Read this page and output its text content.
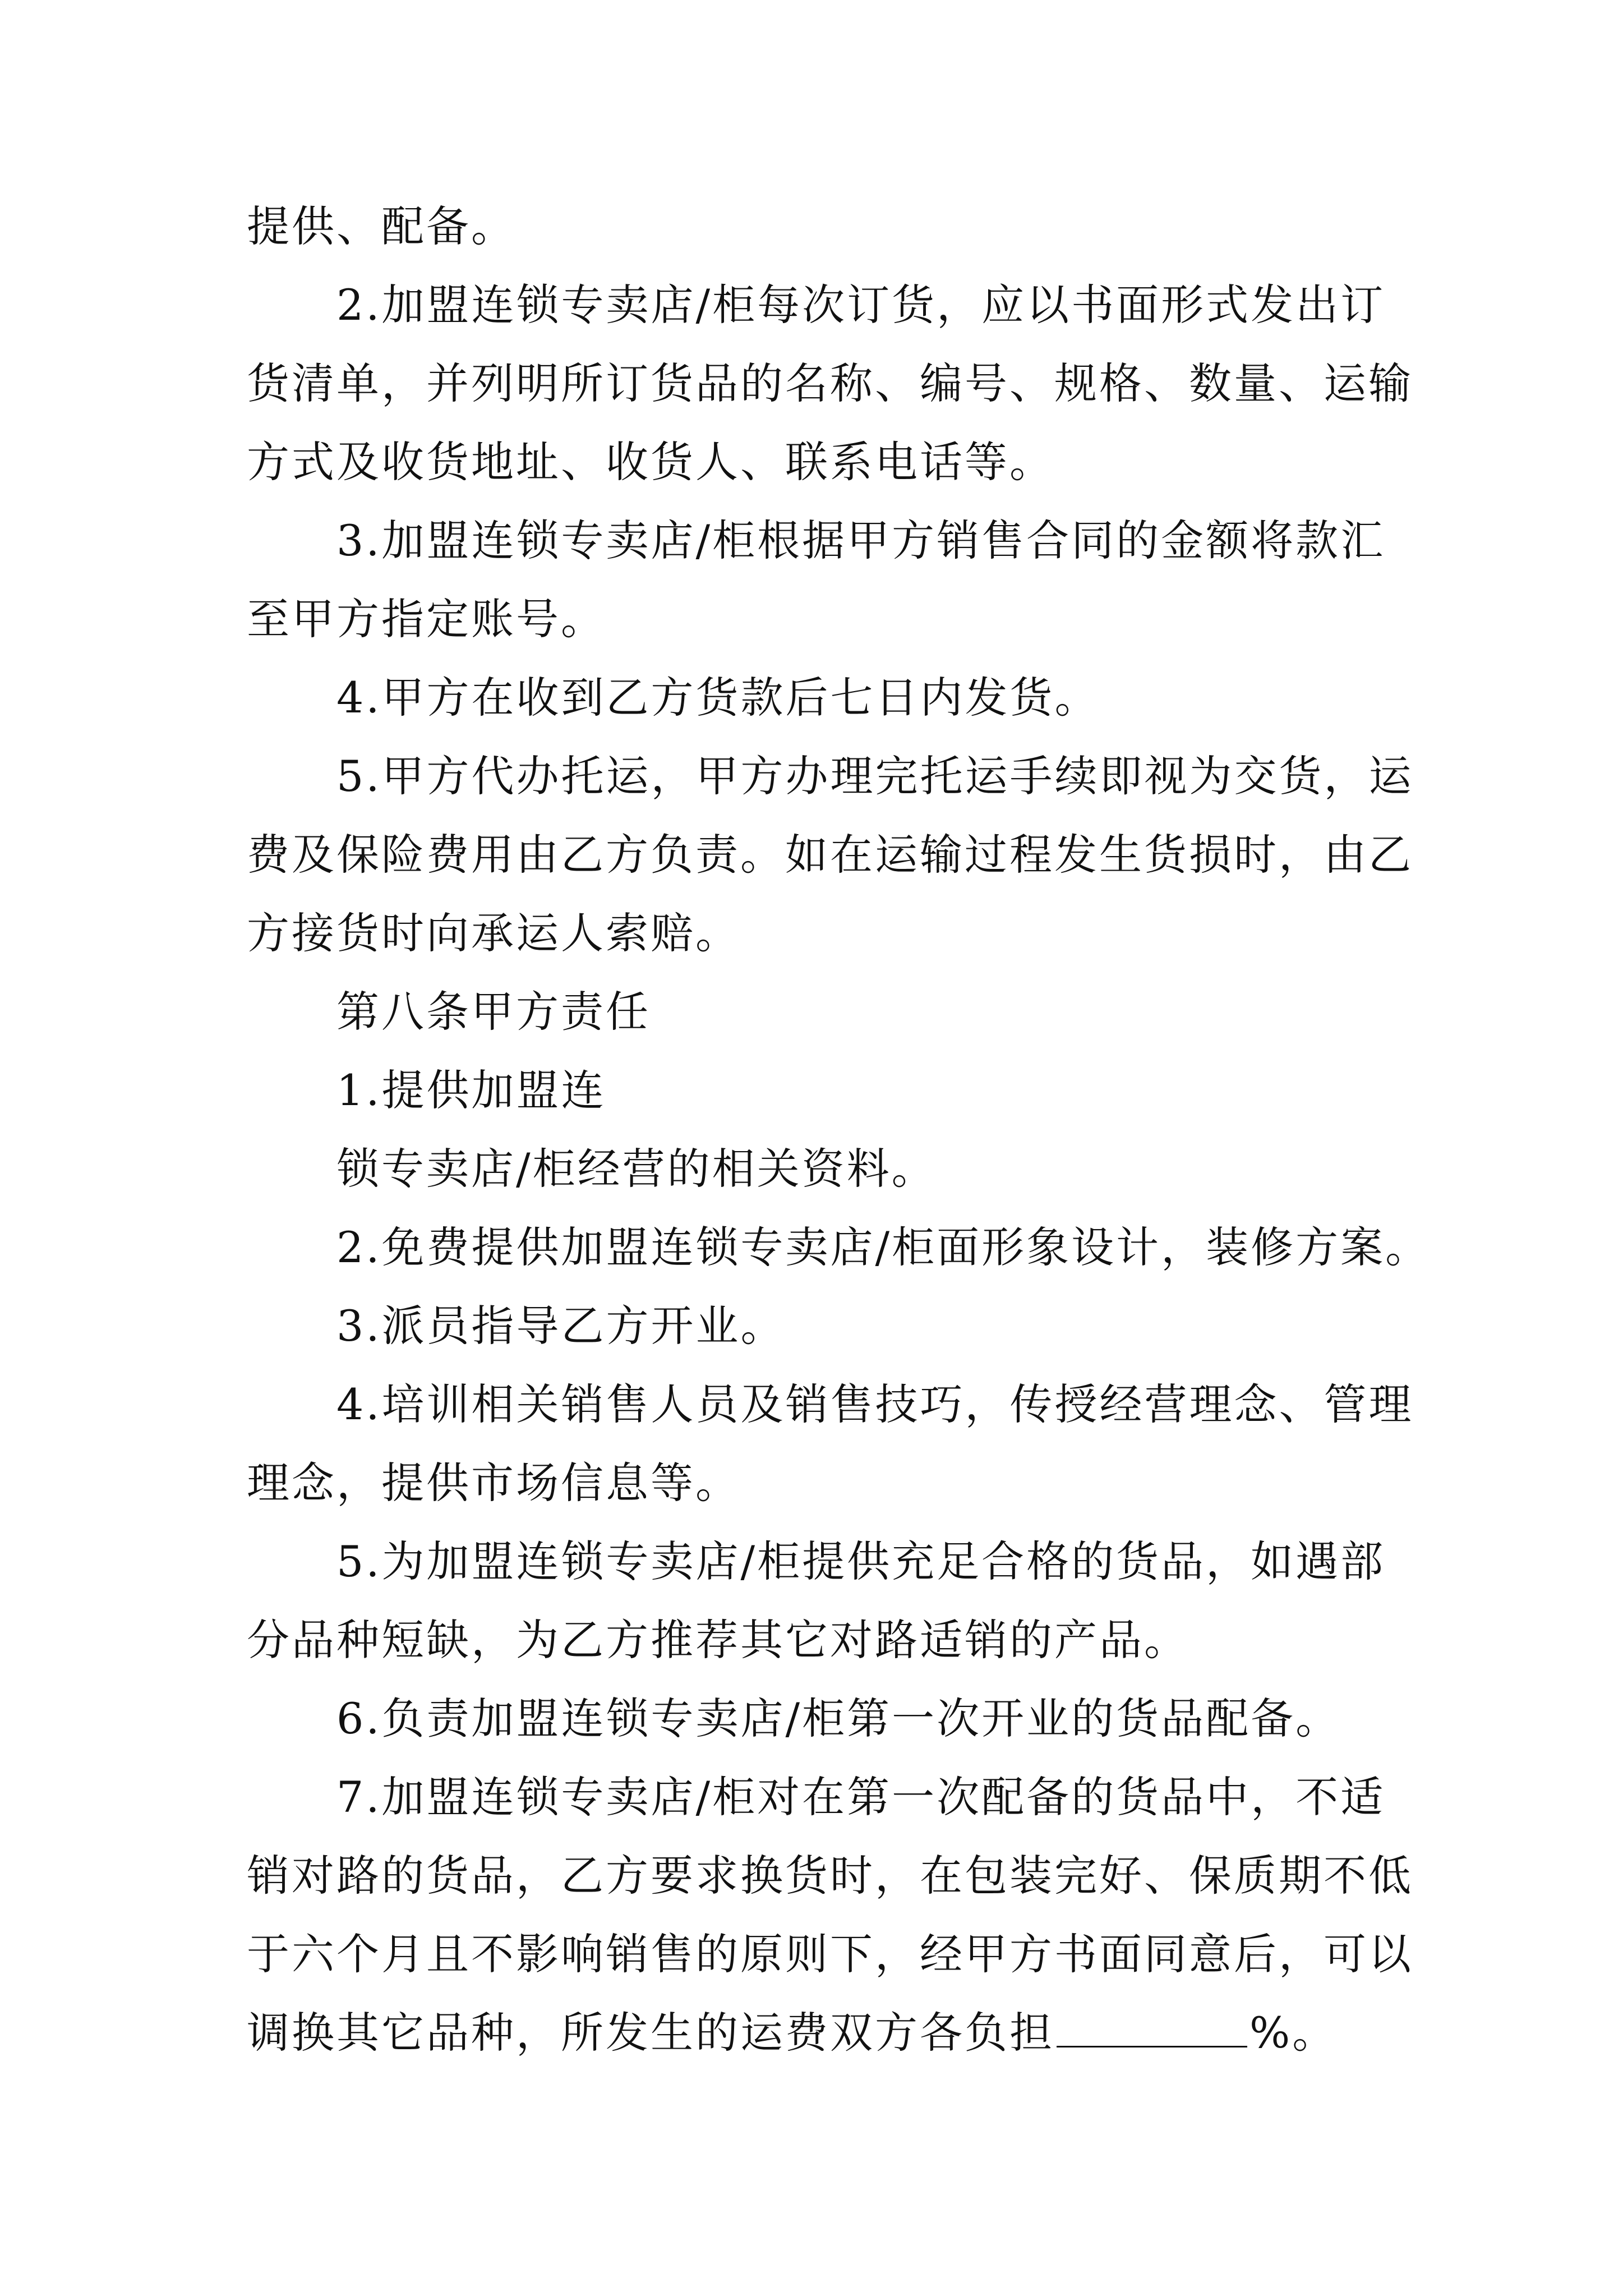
提供、配备。
2.加盟连锁专卖店/柜每次订货，应以书面形式发出订
货清单，并列明所订货品的名称、编号、规格、数量、运输
方式及收货地址、收货人、联系电话等。
3.加盟连锁专卖店/柜根据甲方销售合同的金额将款汇
至甲方指定账号。
4.甲方在收到乙方货款后七日内发货。
5.甲方代办托运，甲方办理完托运手续即视为交货，运
费及保险费用由乙方负责。如在运输过程发生货损时，由乙
方接货时向承运人索赔。
第八条甲方责任
1.提供加盟连
锁专卖店/柜经营的相关资料。
2.免费提供加盟连锁专卖店/柜面形象设计，装修方案。
3.派员指导乙方开业。
4.培训相关销售人员及销售技巧，传授经营理念、管理
理念，提供市场信息等。
5.为加盟连锁专卖店/柜提供充足合格的货品，如遇部
分品种短缺，为乙方推荐其它对路适销的产品。
6.负责加盟连锁专卖店/柜第一次开业的货品配备。
7.加盟连锁专卖店/柜对在第一次配备的货品中，不适
销对路的货品，乙方要求换货时，在包装完好、保质期不低
于六个月且不影响销售的原则下，经甲方书面同意后，可以
调换其它品种，所发生的运费双方各负担	%。
